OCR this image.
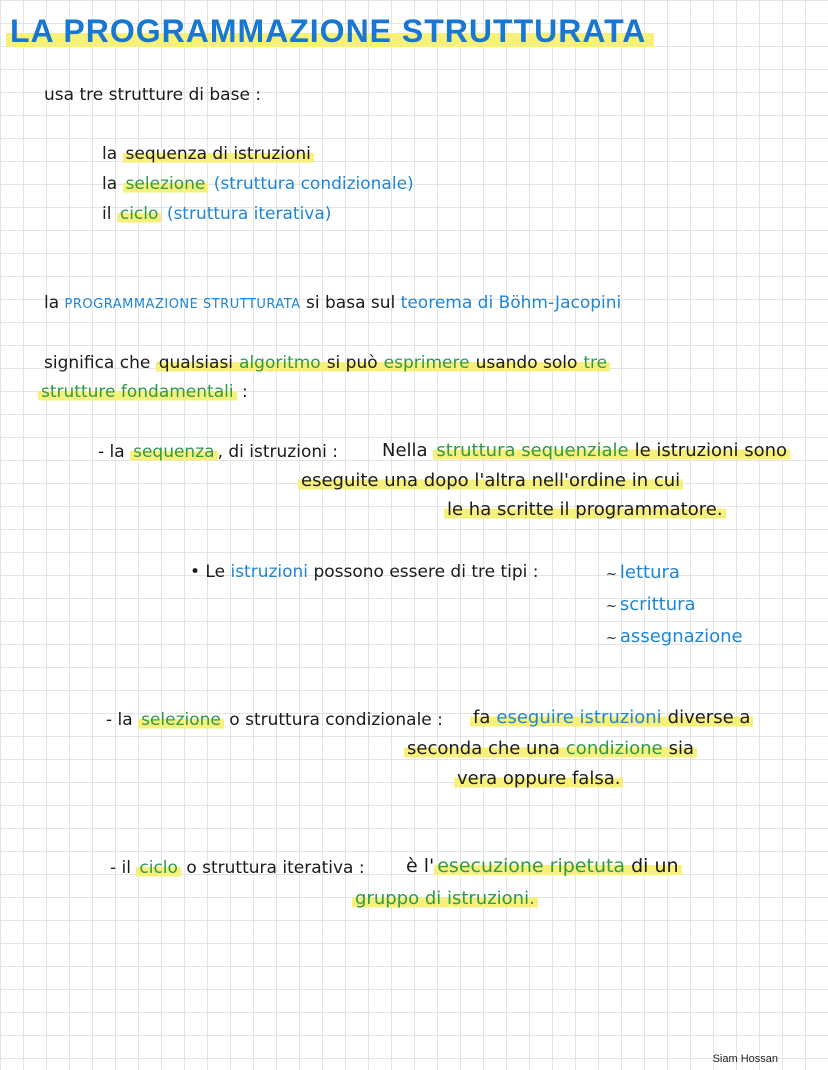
LA PROGRAMMAZIONE STRUTTURATA
usa tre strutture di base :
la sequenza di istruzioni
la selezione (struttura condizionale)
il ciclo (struttura iterativa)
la PROGRAMMAZIONE STRUTTURATA si basa sul teorema di Böhm-Jacopini
significa che qualsiasi algoritmo si può esprimere usando solo tre
strutture fondamentali :
- la sequenza , di istruzioni : Nella struttura sequenziale le istruzioni sono
eseguite una dopo l'altra nell'ordine in cui
le ha scritte il programmatore.
• Le istruzioni possono essere di tre tipi :	~ lettura
~ scrittura
~ assegnazione
- la selezione o struttura condizionale : fa eseguire istruzioni diverse a
seconda che una condizione sia
vera oppure falsa.
- il ciclo o struttura iterativa : è l' esecuzione ripetuta di un
gruppo di istruzioni.
Siam Hossan
